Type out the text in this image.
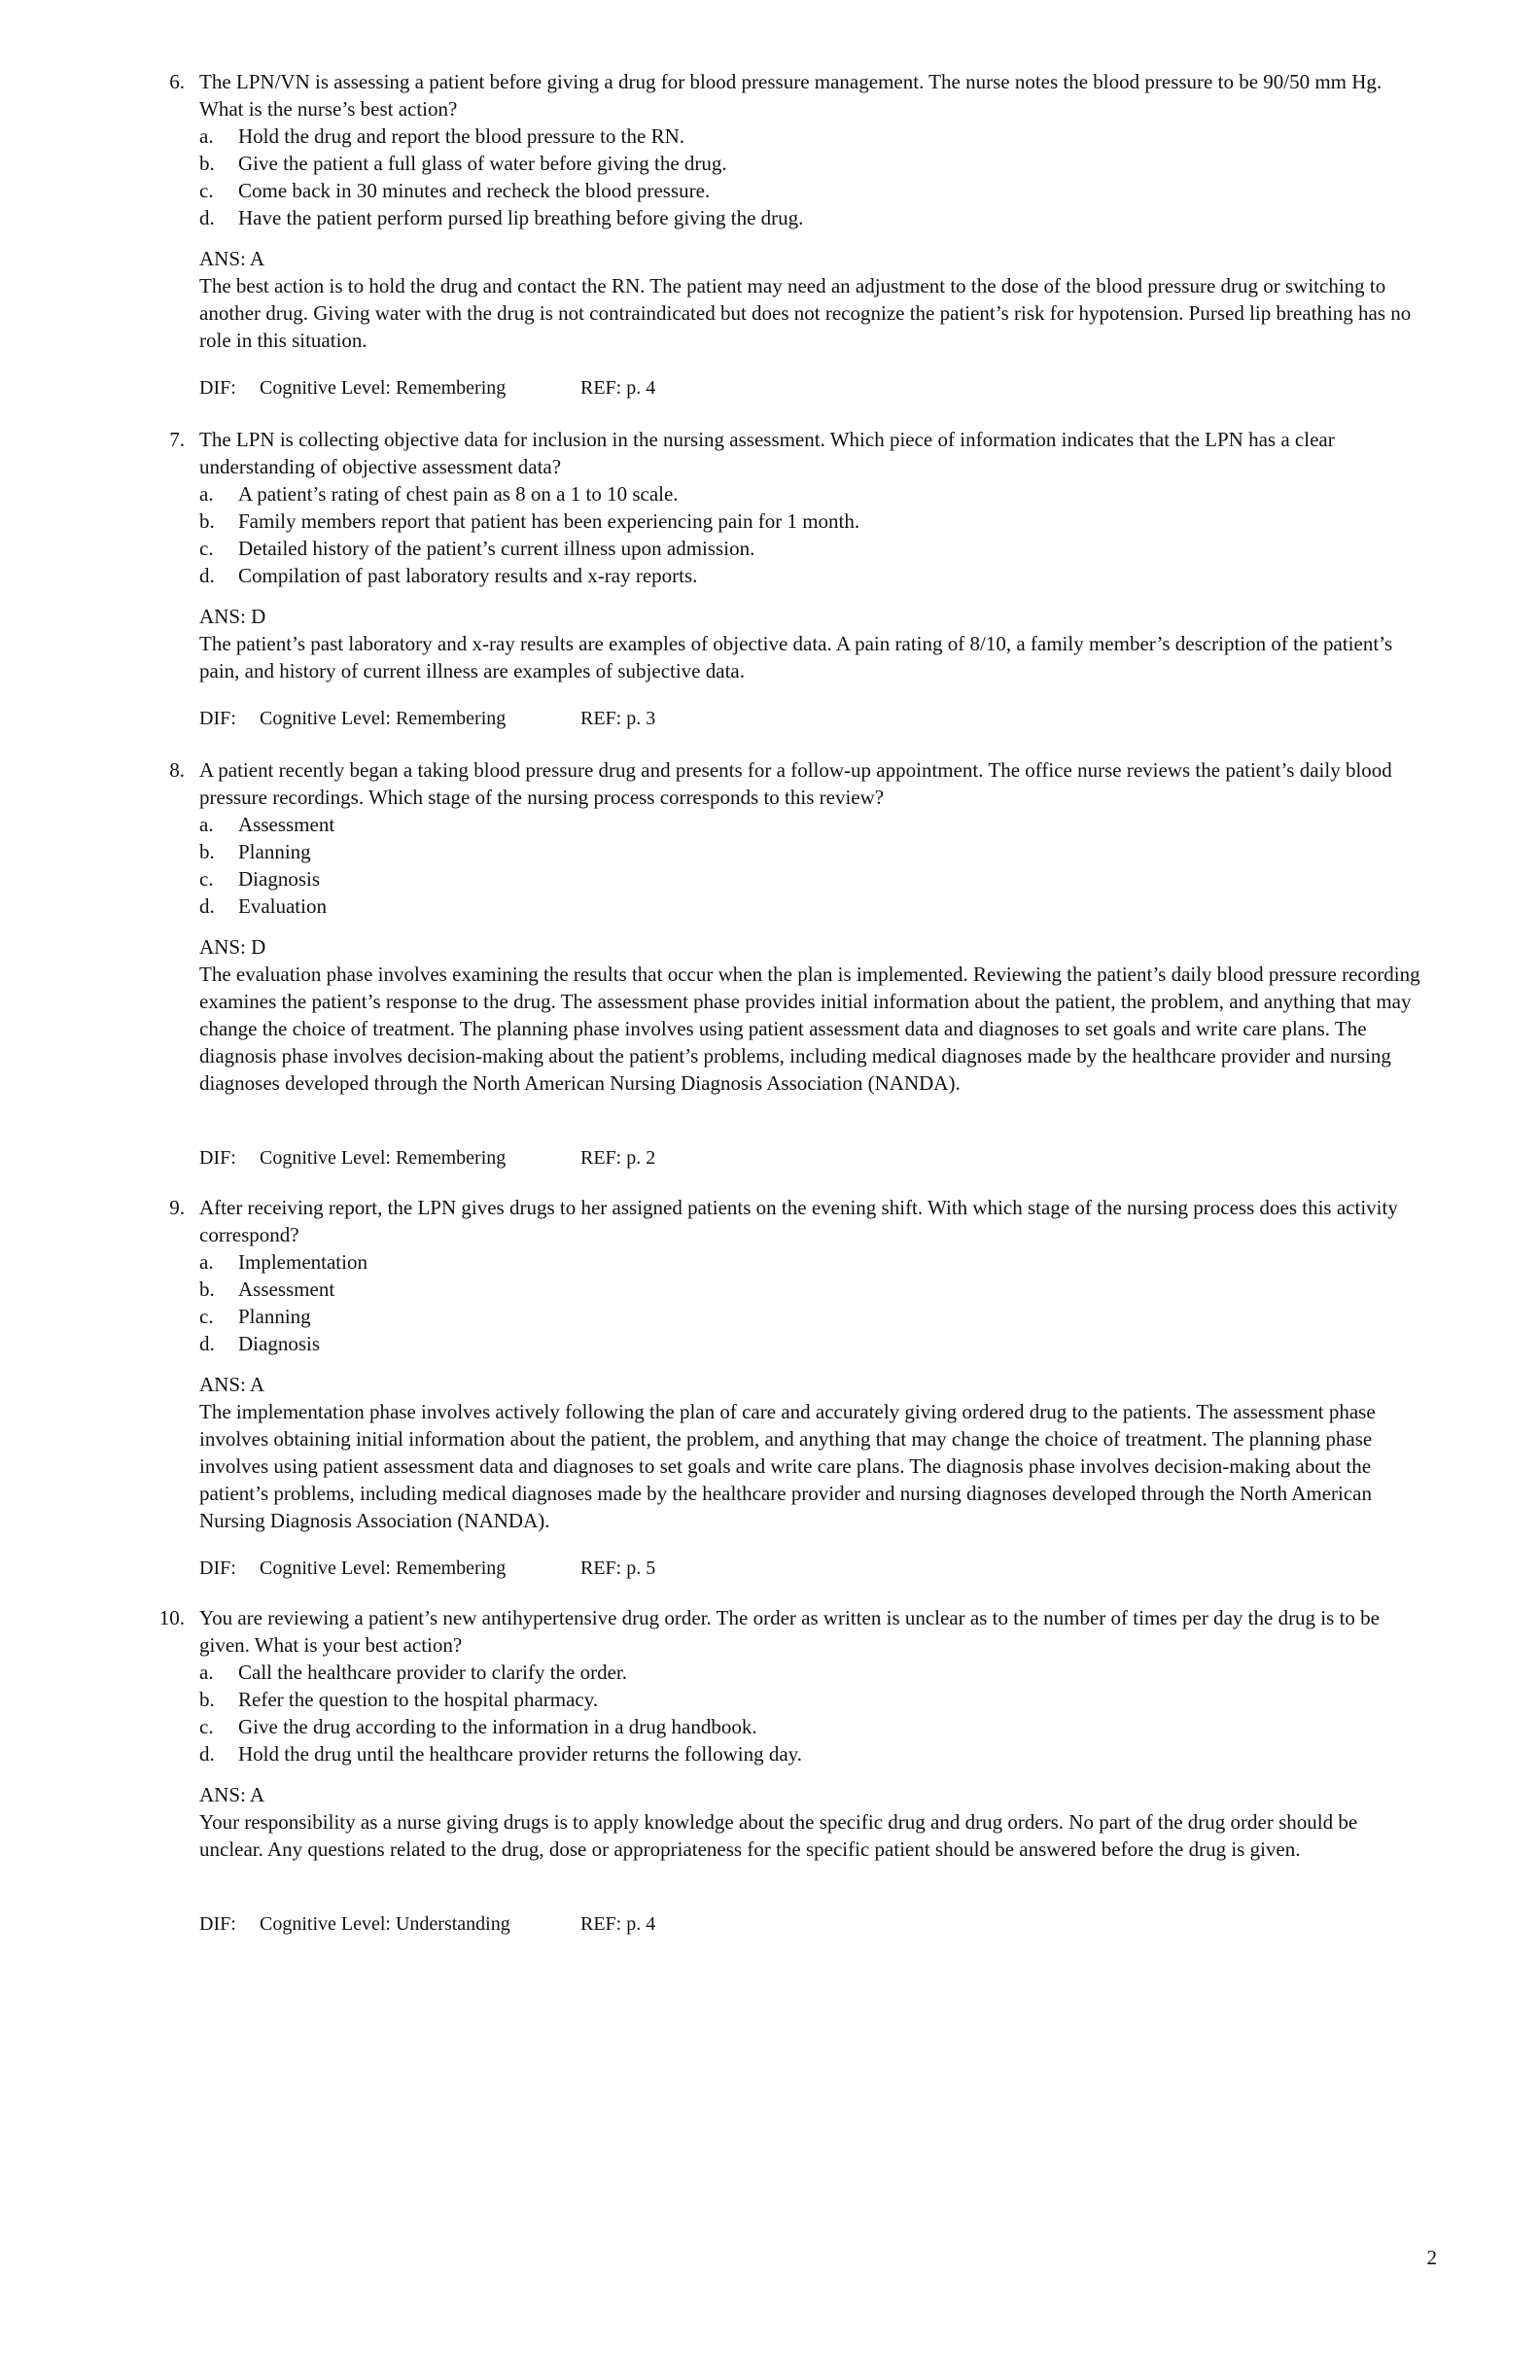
6. The LPN/VN is assessing a patient before giving a drug for blood pressure management. The nurse notes the blood pressure to be 90/50 mm Hg. What is the nurse’s best action?

a.	Hold the drug and report the blood pressure to the RN.
b.	Give the patient a full glass of water before giving the drug.
c.	Come back in 30 minutes and recheck the blood pressure.
d.	Have the patient perform pursed lip breathing before giving the drug.
ANS: A

The best action is to hold the drug and contact the RN. The patient may need an adjustment to the dose of the blood pressure drug or switching to another drug. Giving water with the drug is not contraindicated but does not recognize the patient’s risk for hypotension. Pursed lip breathing has no role in this situation.

DIF: Cognitive Level: Remembering	REF: p. 4
7. The LPN is collecting objective data for inclusion in the nursing assessment. Which piece of information indicates that the LPN has a clear understanding of objective assessment data?

a.	A patient’s rating of chest pain as 8 on a 1 to 10 scale.
b.	Family members report that patient has been experiencing pain for 1 month.
c.	Detailed history of the patient’s current illness upon admission.
d.	Compilation of past laboratory results and x-ray reports.
ANS: D

The patient’s past laboratory and x-ray results are examples of objective data. A pain rating of 8/10, a family member’s description of the patient’s pain, and history of current illness are examples of subjective data.

DIF: Cognitive Level: Remembering	REF: p. 3
8. A patient recently began a taking blood pressure drug and presents for a follow-up appointment. The office nurse reviews the patient’s daily blood pressure recordings. Which stage of the nursing process corresponds to this review?

a.	Assessment
b.	Planning
c.	Diagnosis
d.	Evaluation
ANS: D

The evaluation phase involves examining the results that occur when the plan is implemented. Reviewing the patient’s daily blood pressure recording examines the patient’s response to the drug. The assessment phase provides initial information about the patient, the problem, and anything that may change the choice of treatment. The planning phase involves using patient assessment data and diagnoses to set goals and write care plans. The diagnosis phase involves decision-making about the patient’s problems, including medical diagnoses made by the healthcare provider and nursing diagnoses developed through the North American Nursing Diagnosis Association (NANDA).

DIF: Cognitive Level: Remembering	REF: p. 2
9. After receiving report, the LPN gives drugs to her assigned patients on the evening shift. With which stage of the nursing process does this activity correspond?

a.	Implementation
b.	Assessment
c.	Planning
d.	Diagnosis
ANS: A

The implementation phase involves actively following the plan of care and accurately giving ordered drug to the patients. The assessment phase involves obtaining initial information about the patient, the problem, and anything that may change the choice of treatment. The planning phase involves using patient assessment data and diagnoses to set goals and write care plans. The diagnosis phase involves decision-making about the patient’s problems, including medical diagnoses made by the healthcare provider and nursing diagnoses developed through the North American Nursing Diagnosis Association (NANDA).

DIF: Cognitive Level: Remembering	REF: p. 5
10. You are reviewing a patient’s new antihypertensive drug order. The order as written is unclear as to the number of times per day the drug is to be given. What is your best action?

a.	Call the healthcare provider to clarify the order.
b.	Refer the question to the hospital pharmacy.
c.	Give the drug according to the information in a drug handbook.
d.	Hold the drug until the healthcare provider returns the following day.
ANS: A

Your responsibility as a nurse giving drugs is to apply knowledge about the specific drug and drug orders. No part of the drug order should be unclear. Any questions related to the drug, dose or appropriateness for the specific patient should be answered before the drug is given.

DIF: Cognitive Level: Understanding	REF: p. 4
2
